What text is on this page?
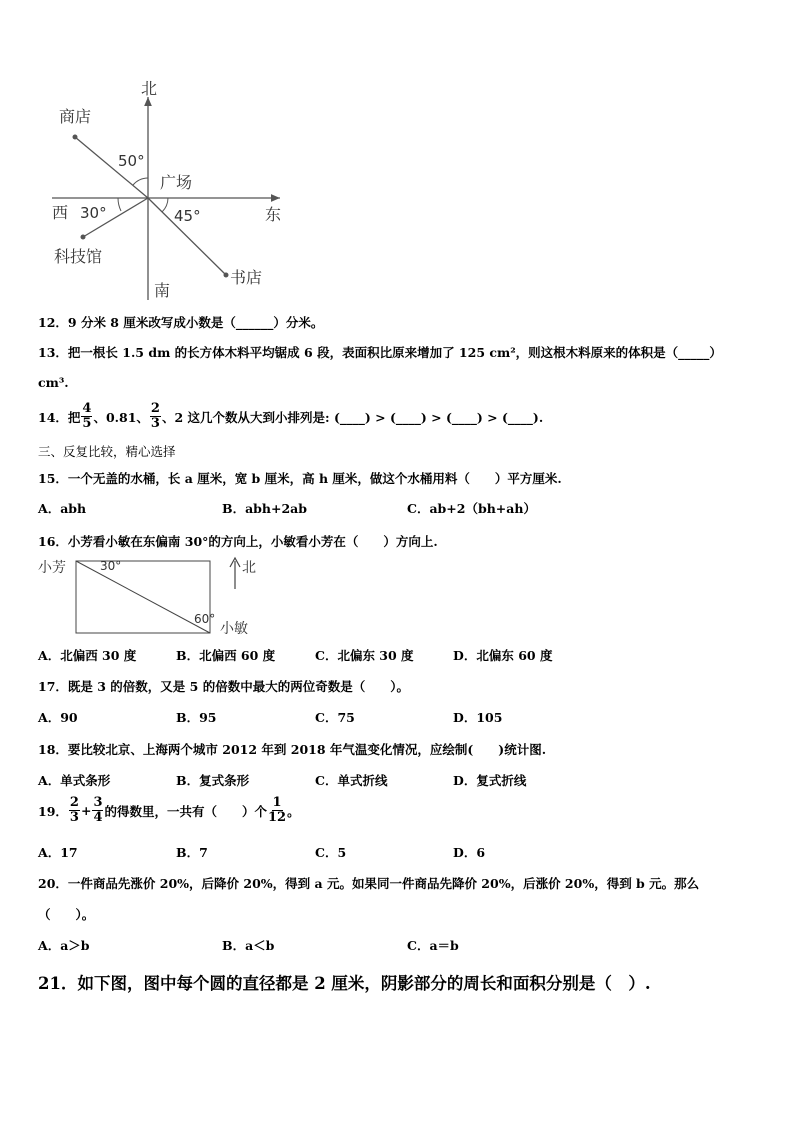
北
南
东
西
广场
商店
科技馆
书店
50°
30°	45°
12．9 分米 8 厘米改写成小数是（______）分米。
13．把一根长 1.5 dm 的长方体木料平均锯成 6 段，表面积比原来增加了 125 cm²，则这根木料原来的体积是（_____）
cm³.
14．把 $\frac{4}{5}$ 、0.81、 $\frac{2}{3}$ 、2 这几个数从大到小排列是: (____) > (____) > (____) > (____).
三、反复比较，精心选择
15．一个无盖的水桶，长 a 厘米，宽 b 厘米，高 h 厘米，做这个水桶用料（　　）平方厘米.
A．abh	B．abh+2ab	C．ab+2（bh+ah）
16．小芳看小敏在东偏南 30°的方向上，小敏看小芳在（　　）方向上.
小芳	北
30°
60°
小敏
A．北偏西 30 度	B．北偏西 60 度	C．北偏东 30 度	D．北偏东 60 度
17．既是 3 的倍数，又是 5 的倍数中最大的两位奇数是（　　）。
A．90	B．95	C．75	D．105
18．要比较北京、上海两个城市 2012 年到 2018 年气温变化情况，应绘制(　　)统计图.
A．单式条形	B．复式条形	C．单式折线	D．复式折线
19． $\frac{2}{3} + \frac{3}{4}$ 的得数里，一共有（　　）个 $\frac{1}{12}$ 。
A．17	B．7	C．5	D．6
20．一件商品先涨价 20%，后降价 20%，得到 a 元。如果同一件商品先降价 20%，后涨价 20%，得到 b 元。那么
（　　）。
A．a＞b	B．a＜b	C．a＝b
21．如下图，图中每个圆的直径都是 2 厘米，阴影部分的周长和面积分别是（　）.
